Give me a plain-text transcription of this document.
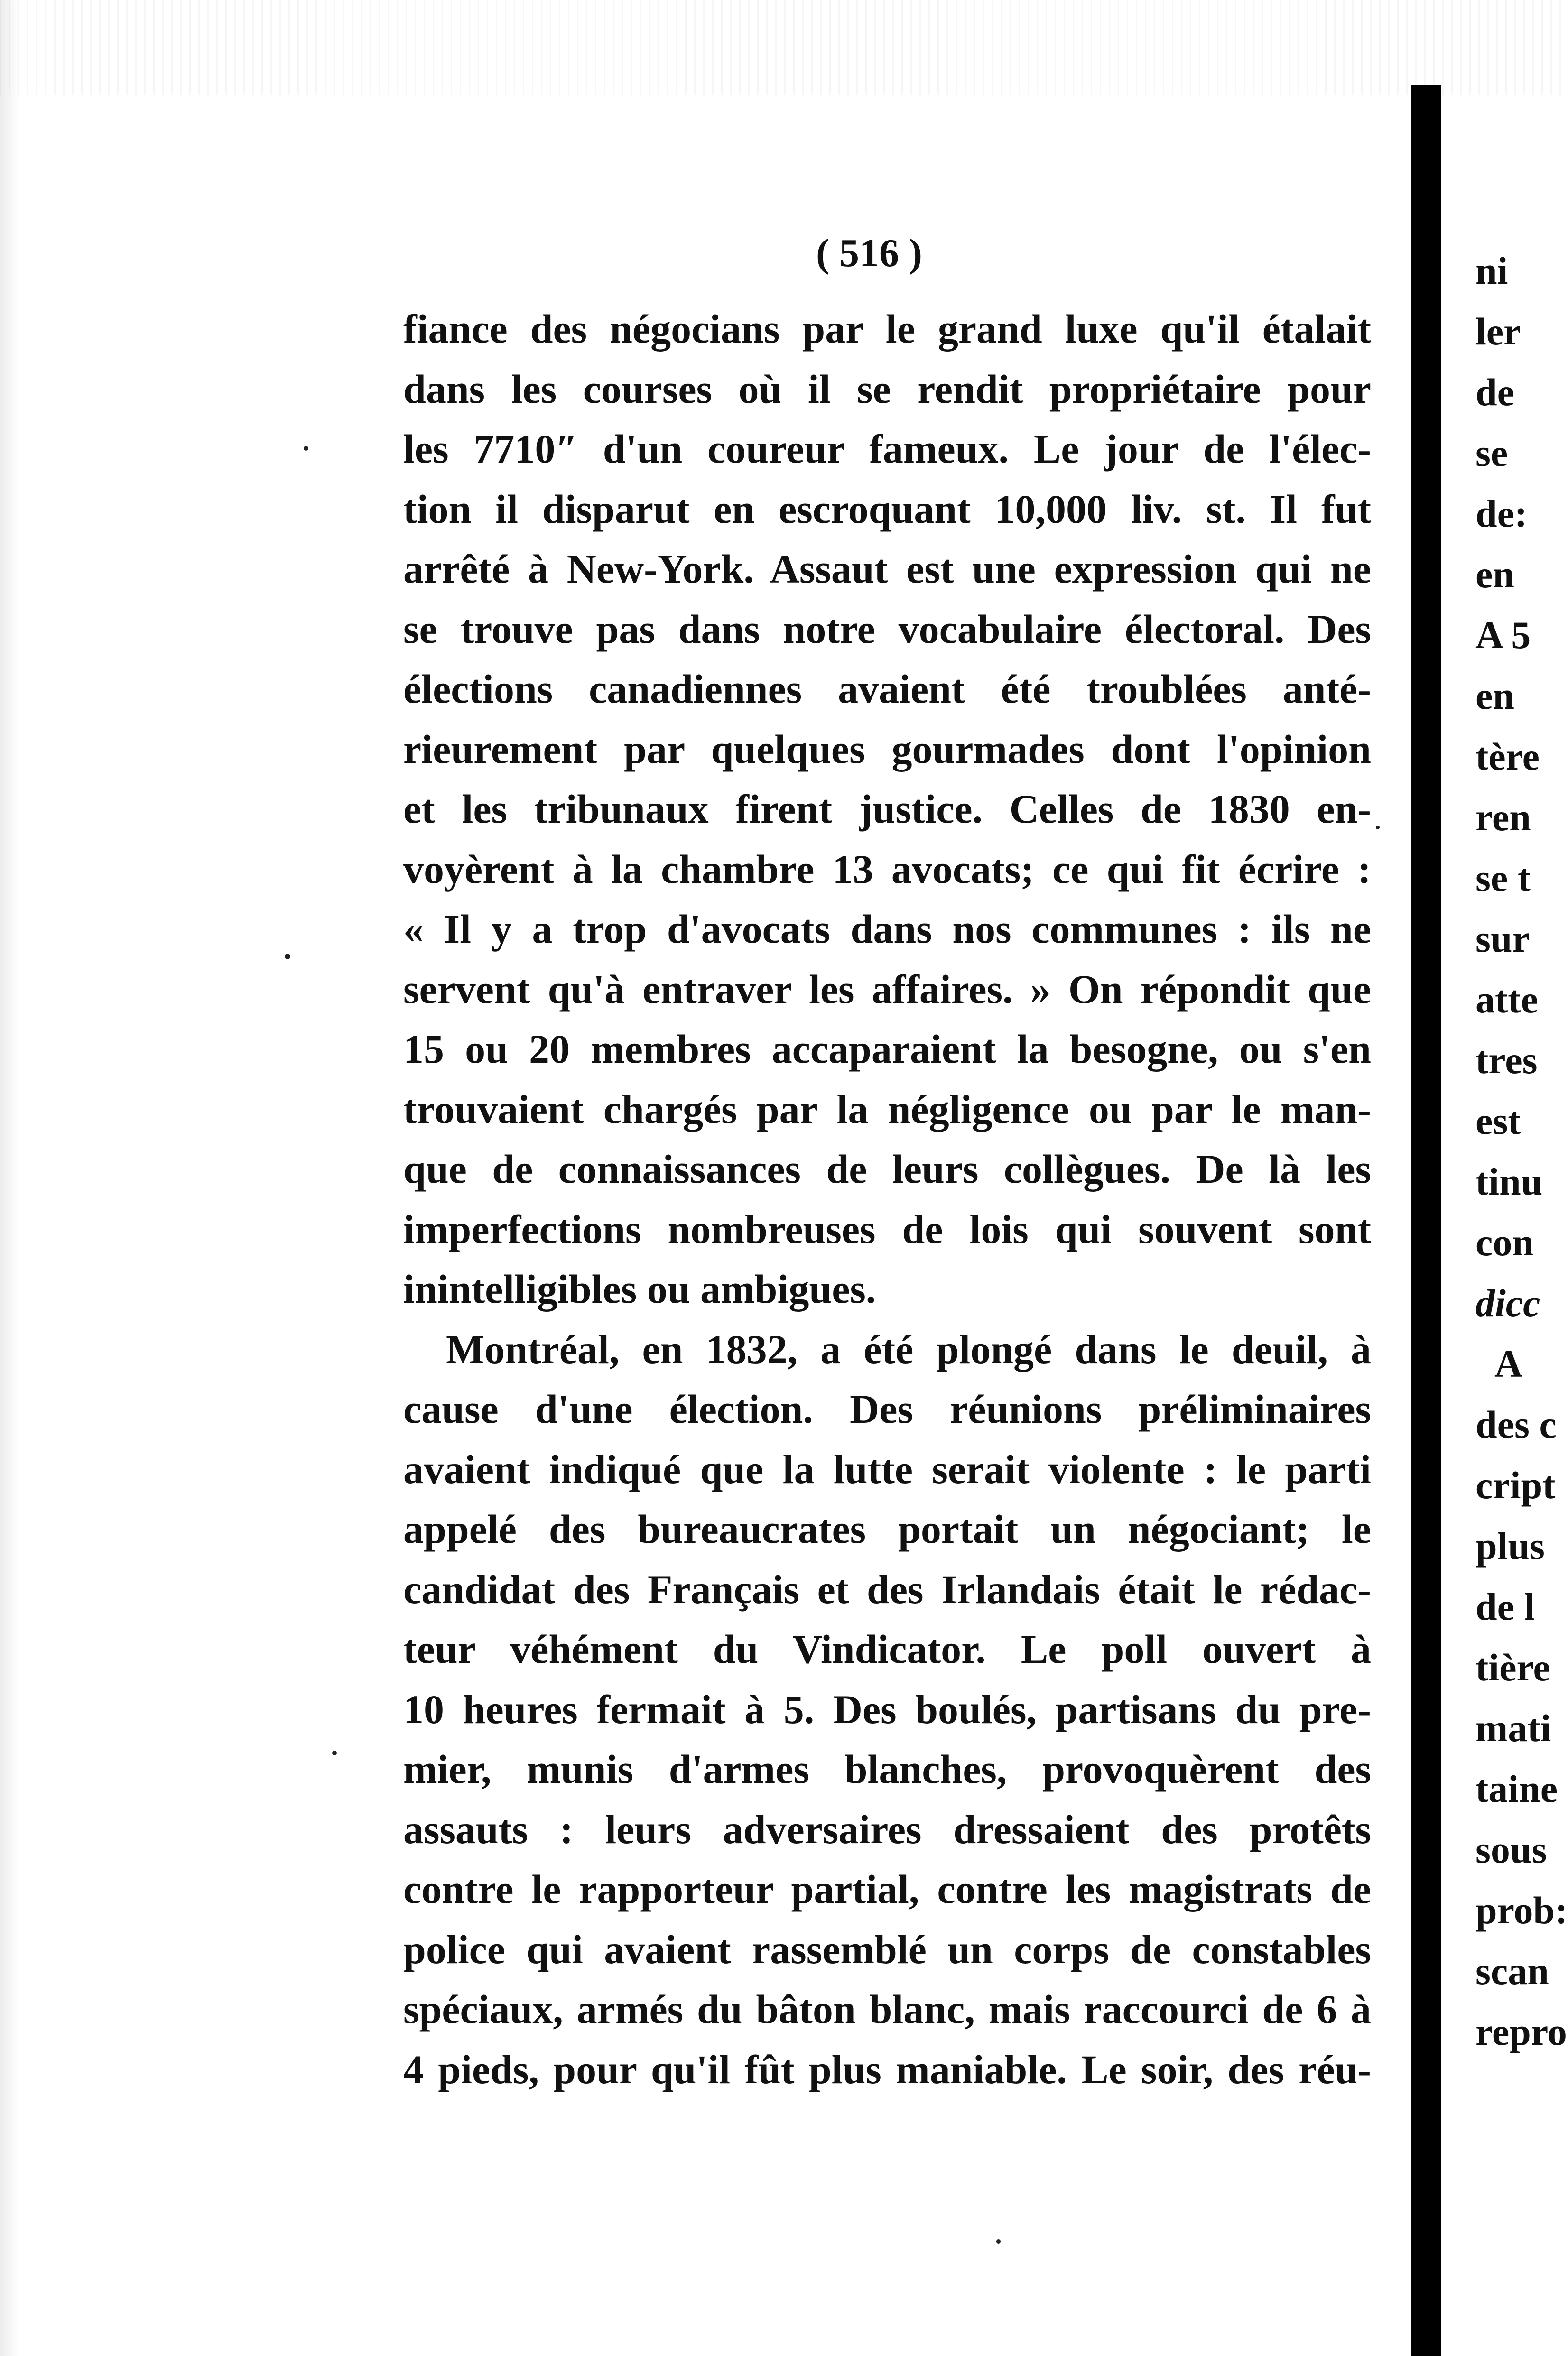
( 516 )
fiance des négocians par le grand luxe qu'il étalait
dans les courses où il se rendit propriétaire pour
les 7710″ d'un coureur fameux. Le jour de l'élec-
tion il disparut en escroquant 10,000 liv. st. Il fut
arrêté à New-York. Assaut est une expression qui ne
se trouve pas dans notre vocabulaire électoral. Des
élections canadiennes avaient été troublées anté-
rieurement par quelques gourmades dont l'opinion
et les tribunaux firent justice. Celles de 1830 en-
voyèrent à la chambre 13 avocats; ce qui fit écrire :
« Il y a trop d'avocats dans nos communes : ils ne
servent qu'à entraver les affaires. » On répondit que
15 ou 20 membres accaparaient la besogne, ou s'en
trouvaient chargés par la négligence ou par le man-
que de connaissances de leurs collègues. De là les
imperfections nombreuses de lois qui souvent sont
inintelligibles ou ambigues.
Montréal, en 1832, a été plongé dans le deuil, à
cause d'une élection. Des réunions préliminaires
avaient indiqué que la lutte serait violente : le parti
appelé des bureaucrates portait un négociant; le
candidat des Français et des Irlandais était le rédac-
teur véhément du Vindicator. Le poll ouvert à
10 heures fermait à 5. Des boulés, partisans du pre-
mier, munis d'armes blanches, provoquèrent des
assauts : leurs adversaires dressaient des protêts
contre le rapporteur partial, contre les magistrats de
police qui avaient rassemblé un corps de constables
spéciaux, armés du bâton blanc, mais raccourci de 6 à
4 pieds, pour qu'il fût plus maniable. Le soir, des réu-
ni
ler
de
se
de:
en
A 5
en
tère
ren
se t
sur
atte
tres
est
tinu
con
dicc
A
des c
cript
plus
de l
tière
mati
taine
sous
prob:
scan
repro
